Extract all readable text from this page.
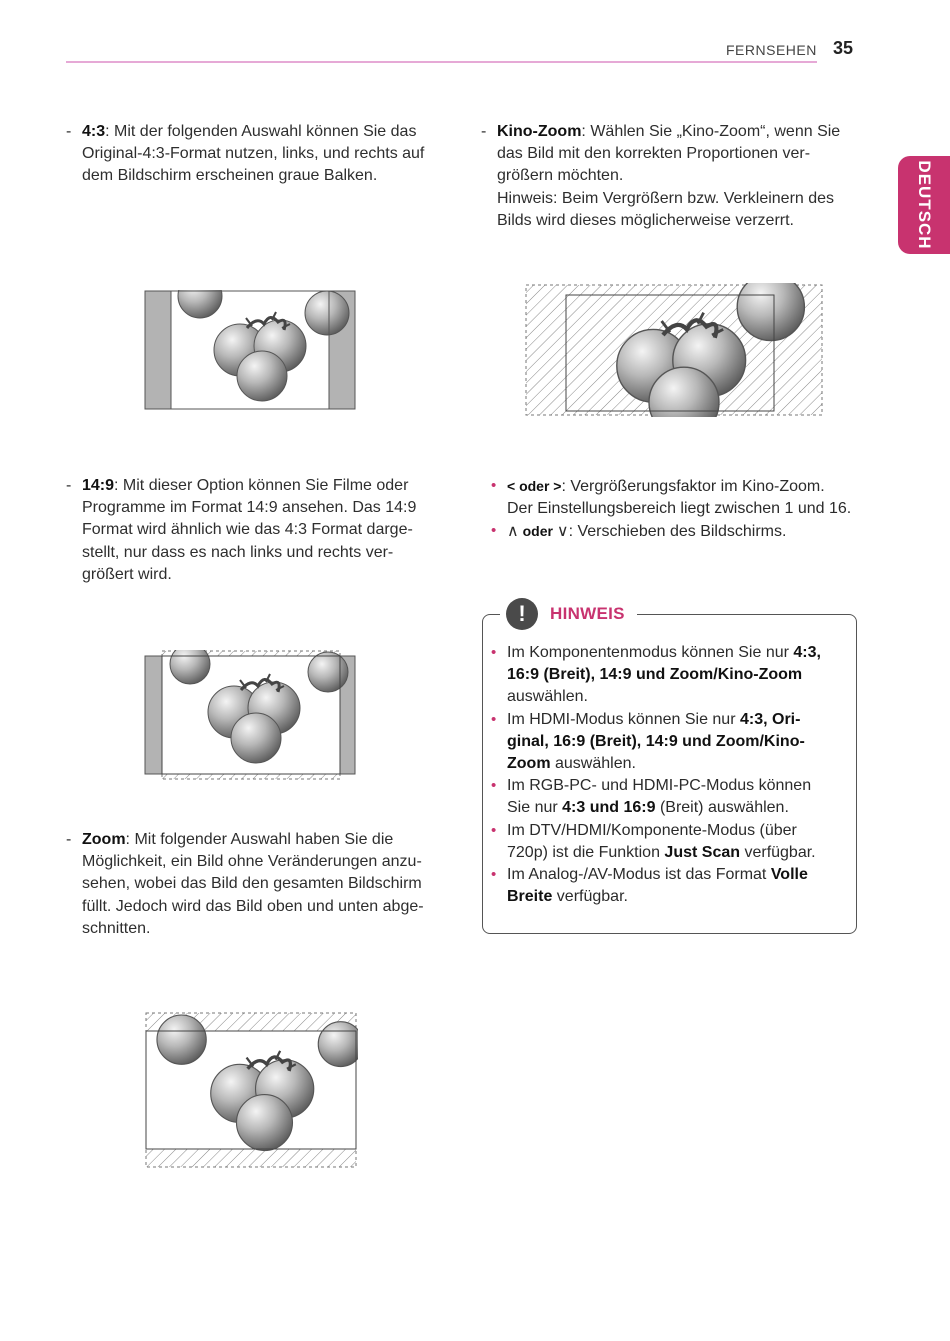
FERNSEHEN 35
DEUTSCH
- 4:3: Mit der folgenden Auswahl können Sie das Original-4:3-Format nutzen, links, und rechts auf dem Bildschirm erscheinen graue Balken.
- 14:9: Mit dieser Option können Sie Filme oder Programme im Format 14:9 ansehen. Das 14:9 Format wird ähnlich wie das 4:3 Format darge-stellt, nur dass es nach links und rechts ver-größert wird.
- Zoom: Mit folgender Auswahl haben Sie die Möglichkeit, ein Bild ohne Veränderungen anzu-sehen, wobei das Bild den gesamten Bildschirm füllt. Jedoch wird das Bild oben und unten abge-schnitten.
- Kino-Zoom: Wählen Sie „Kino-Zoom“, wenn Sie das Bild mit den korrekten Proportionen ver-größern möchten.
Hinweis: Beim Vergrößern bzw. Verkleinern des Bilds wird dieses möglicherweise verzerrt.
• < oder >: Vergrößerungsfaktor im Kino-Zoom. Der Einstellungsbereich liegt zwischen 1 und 16.
• ∧ oder ∨: Verschieben des Bildschirms.
!	HINWEIS
• Im Komponentenmodus können Sie nur 4:3, 16:9 (Breit), 14:9 und Zoom/Kino-Zoom auswählen.
• Im HDMI-Modus können Sie nur 4:3, Ori-ginal, 16:9 (Breit), 14:9 und Zoom/Kino-Zoom auswählen.
• Im RGB-PC- und HDMI-PC-Modus können Sie nur 4:3 und 16:9 (Breit) auswählen.
• Im DTV/HDMI/Komponente-Modus (über 720p) ist die Funktion Just Scan verfügbar.
• Im Analog-/AV-Modus ist das Format Volle Breite verfügbar.
